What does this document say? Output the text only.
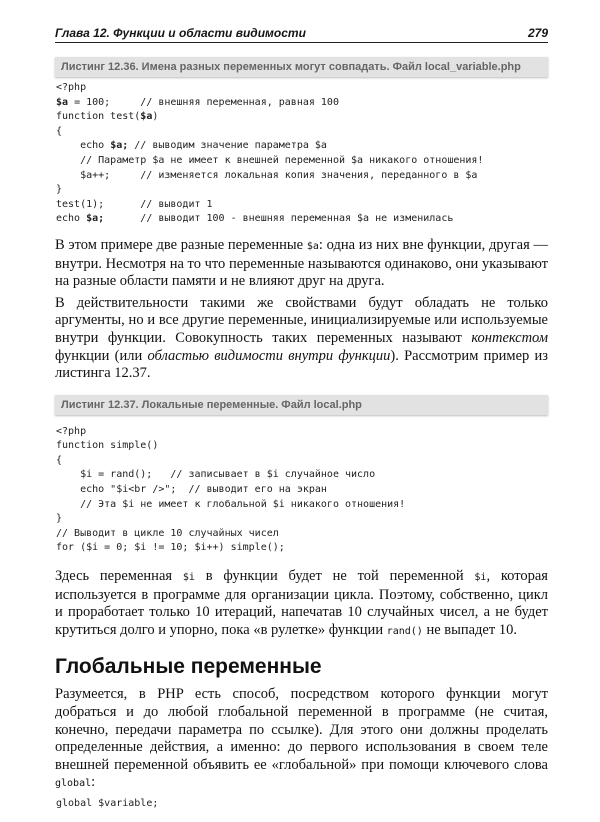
Глава 12. Функции и области видимости	279
Листинг 12.36. Имена разных переменных могут совпадать. Файл local_variable.php
<?php
$a = 100;     // внешняя переменная, равная 100
function test($a)
{
echo $a; // выводим значение параметра $a
// Параметр $a не имеет к внешней переменной $a никакого отношения!
$a++;     // изменяется локальная копия значения, переданного в $a
}
test(1);      // выводит 1
echo $a;      // выводит 100 - внешняя переменная $a не изменилась
В этом примере две разные переменные $a: одна из них вне функции, другая — внутри. Несмотря на то что переменные называются одинаково, они указывают на разные области памяти и не влияют друг на друга.
В действительности такими же свойствами будут обладать не только аргументы, но и все другие переменные, инициализируемые или используемые внутри функции. Совокупность таких переменных называют контекстом функции (или областью видимости внутри функции). Рассмотрим пример из листинга 12.37.
Листинг 12.37. Локальные переменные. Файл local.php
<?php
function simple()
{
$i = rand();   // записывает в $i случайное число
echo "$i<br />";  // выводит его на экран
// Эта $i не имеет к глобальной $i никакого отношения!
}
// Выводит в цикле 10 случайных чисел
for ($i = 0; $i != 10; $i++) simple();
Здесь переменная $i в функции будет не той переменной $i, которая используется в программе для организации цикла. Поэтому, собственно, цикл и проработает только 10 итераций, напечатав 10 случайных чисел, а не будет крутиться долго и упорно, пока «в рулетке» функции rand() не выпадет 10.
Глобальные переменные
Разумеется, в PHP есть способ, посредством которого функции могут добраться и до любой глобальной переменной в программе (не считая, конечно, передачи параметра по ссылке). Для этого они должны проделать определенные действия, а именно: до первого использования в своем теле внешней переменной объявить ее «глобальной» при помощи ключевого слова global:
global $variable;
